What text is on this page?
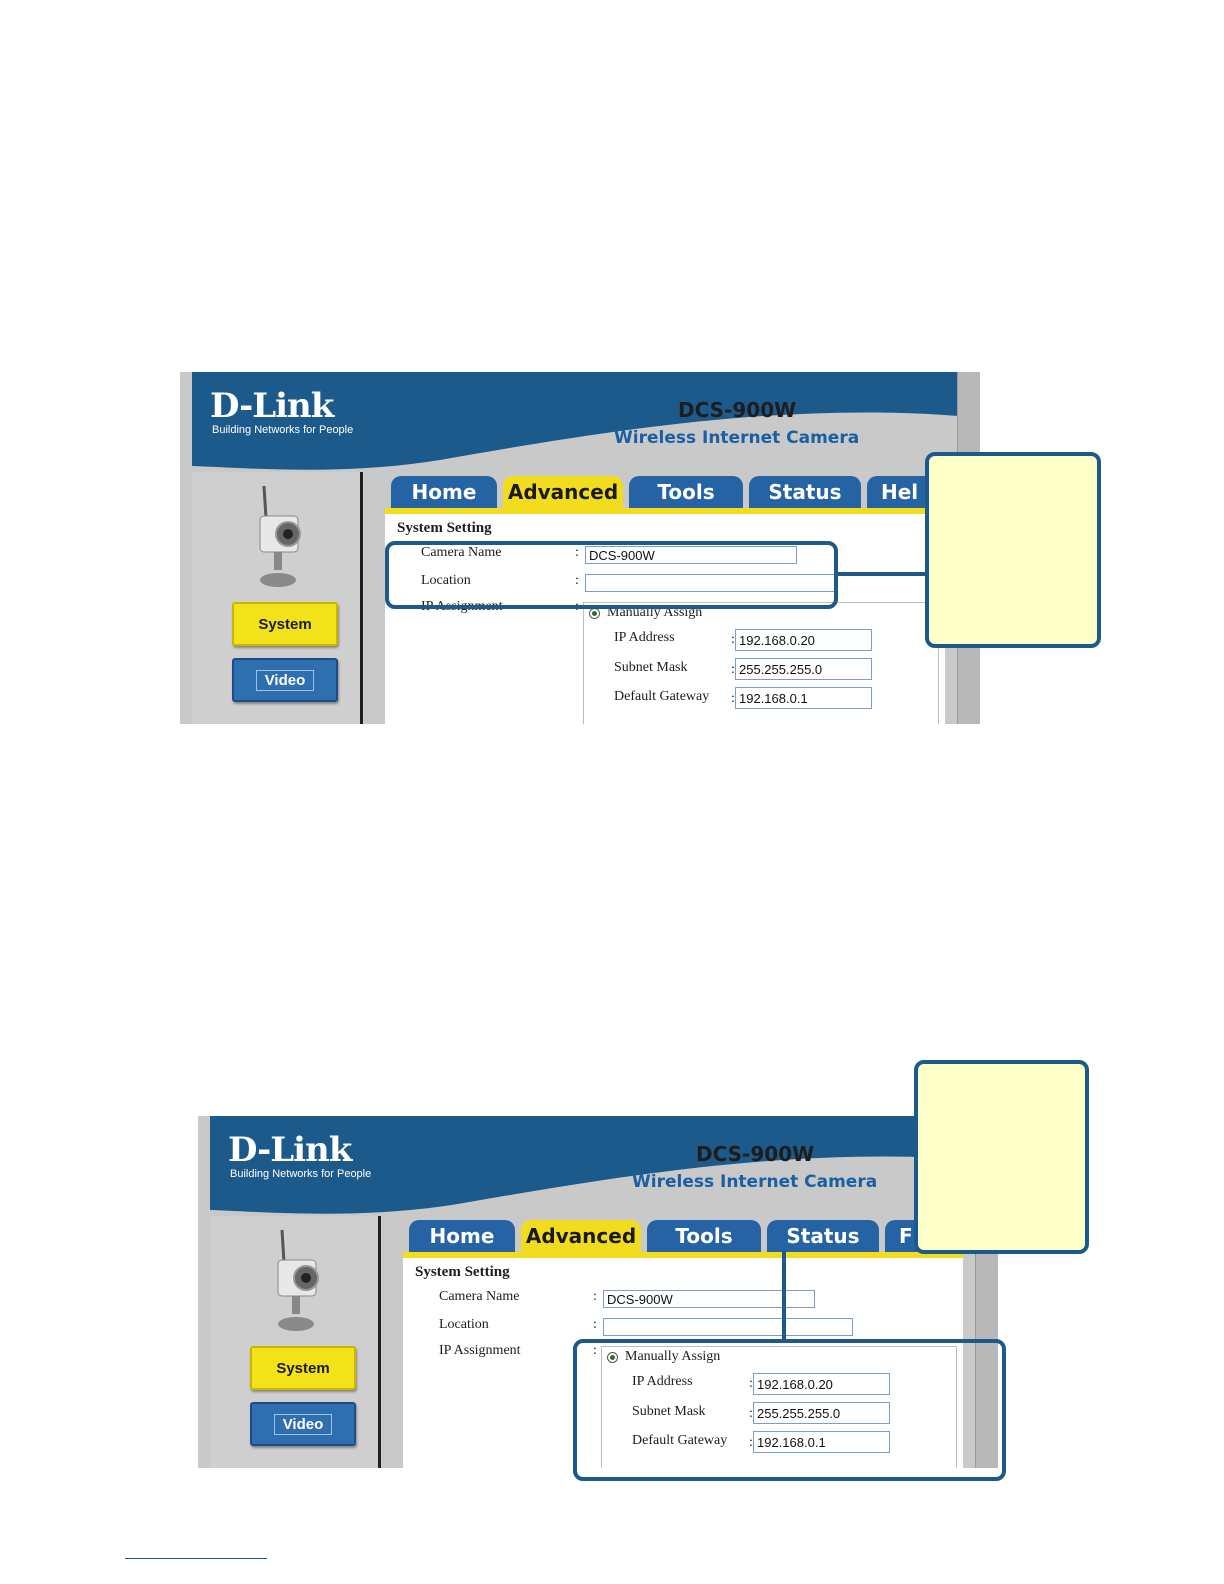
D-Link
Building Networks for People
DCS-900W
Wireless Internet Camera
System
Video
Home	Advanced	Tools	Status	Hel
System Setting
Camera Name	: DCS-900W
Location	:
IP Assignment	: Manually Assign
IP Address	: 192.168.0.20
Subnet Mask	: 255.255.255.0
Default Gateway : 192.168.0.1
D-Link
Building Networks for People
DCS-900W
Wireless Internet Camera
System
Video
Home	Advanced	Tools	Status	F
System Setting
Camera Name	: DCS-900W
Location	:
IP Assignment	: Manually Assign
IP Address	: 192.168.0.20
Subnet Mask	: 255.255.255.0
Default Gateway : 192.168.0.1
